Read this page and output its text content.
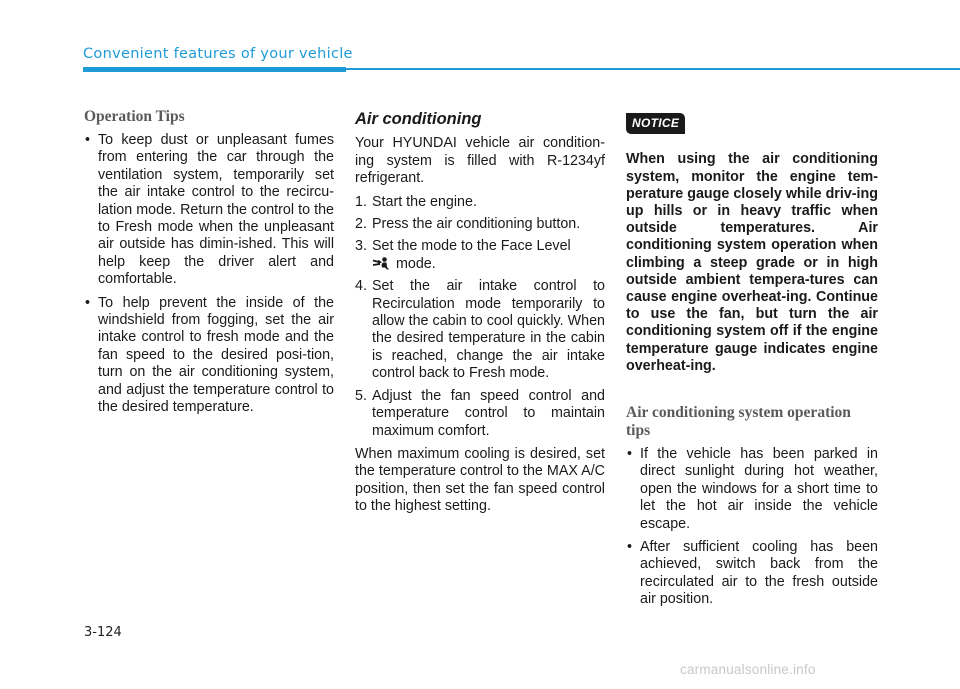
Convenient features of your vehicle
Operation Tips
• To keep dust or unpleasant fumes from entering the car through the ventilation system, temporarily set the air intake control to the recircu-lation mode. Return the control to the to Fresh mode when the unpleasant air outside has dimin-ished. This will help keep the driver alert and comfortable.
• To help prevent the inside of the windshield from fogging, set the air intake control to fresh mode and the fan speed to the desired posi-tion, turn on the air conditioning system, and adjust the temperature control to the desired temperature.
Air conditioning

Your HYUNDAI vehicle air condition-ing system is filled with R-1234yf refrigerant.

1. Start the engine.
2. Press the air conditioning button.
3. Set the mode to the Face Level
mode.
4. Set the air intake control to Recirculation mode temporarily to allow the cabin to cool quickly. When the desired temperature in the cabin is reached, change the air intake control back to Fresh mode.
5. Adjust the fan speed control and temperature control to maintain maximum comfort.

When maximum cooling is desired, set the temperature control to the MAX A/C position, then set the fan speed control to the highest setting.

NOTICE
When using the air conditioning system, monitor the engine tem-perature gauge closely while driv-ing up hills or in heavy traffic when outside temperatures. Air conditioning system operation when climbing a steep grade or in high outside ambient tempera-tures can cause engine overheat-ing. Continue to use the fan, but turn the air conditioning system off if the engine temperature gauge indicates engine overheat-ing.
Air conditioning system operation tips
• If the vehicle has been parked in direct sunlight during hot weather, open the windows for a short time to let the hot air inside the vehicle escape.
• After sufficient cooling has been achieved, switch back from the recirculated air to the fresh outside air position.
3-124
carmanualsonline.info
